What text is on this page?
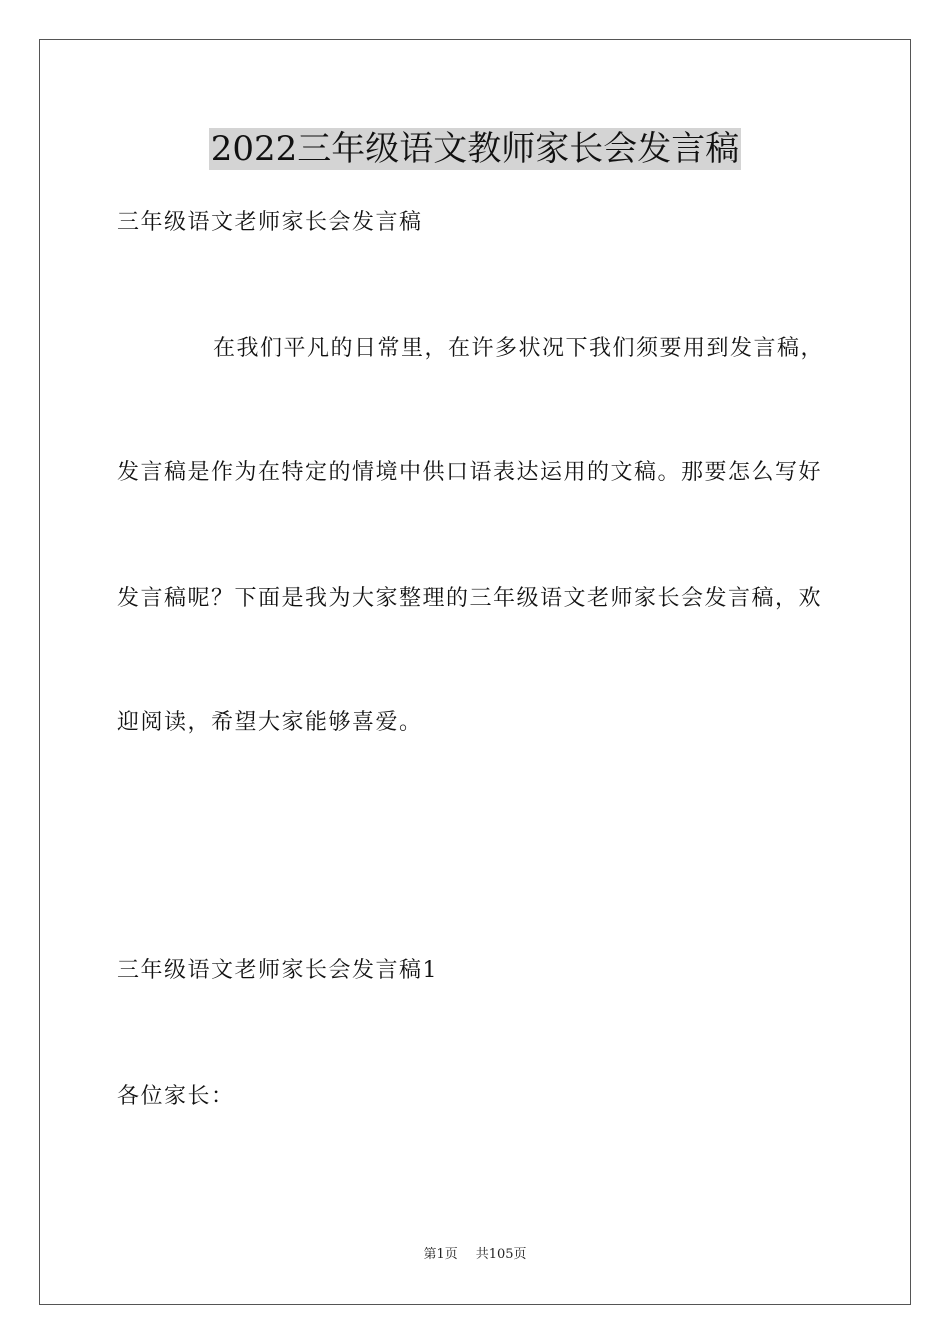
2022三年级语文教师家长会发言稿
三年级语文老师家长会发言稿
在我们平凡的日常里，在许多状况下我们须要用到发言稿，
发言稿是作为在特定的情境中供口语表达运用的文稿。那要怎么写好
发言稿呢？下面是我为大家整理的三年级语文老师家长会发言稿，欢
迎阅读，希望大家能够喜爱。
三年级语文老师家长会发言稿1
各位家长：
第1页 共105页
